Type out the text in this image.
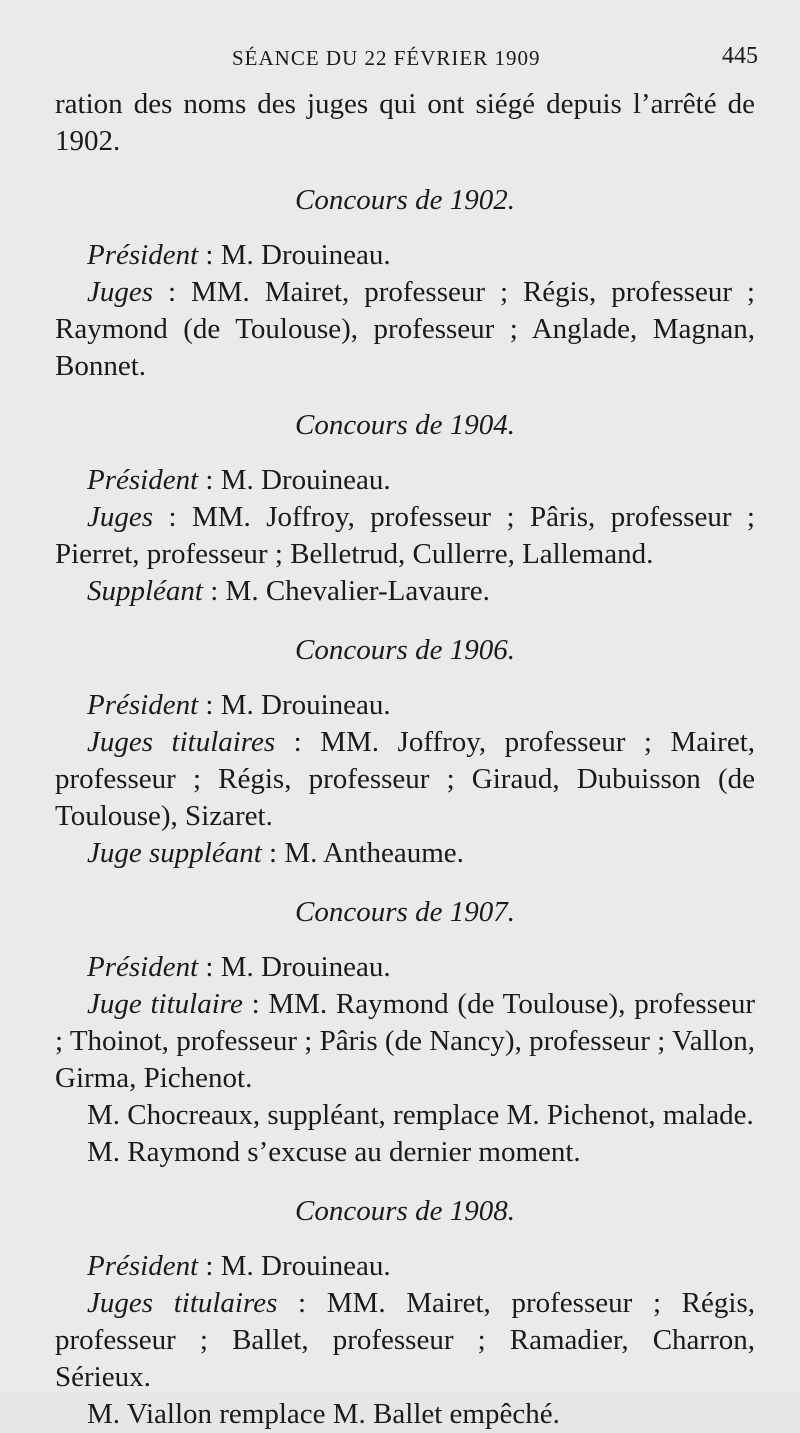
SÉANCE DU 22 FÉVRIER 1909	445

ration des noms des juges qui ont siégé depuis l’arrêté de 1902.

Concours de 1902.

Président : M. Drouineau.

Juges : MM. Mairet, professeur ; Régis, professeur ; Raymond (de Toulouse), professeur ; Anglade, Magnan, Bonnet.

Concours de 1904.

Président : M. Drouineau.

Juges : MM. Joffroy, professeur ; Pâris, professeur ; Pierret, professeur ; Belletrud, Cullerre, Lallemand.

Suppléant : M. Chevalier-Lavaure.

Concours de 1906.

Président : M. Drouineau.

Juges titulaires : MM. Joffroy, professeur ; Mairet, professeur ; Régis, professeur ; Giraud, Dubuisson (de Toulouse), Sizaret.

Juge suppléant : M. Antheaume.

Concours de 1907.

Président : M. Drouineau.

Juge titulaire : MM. Raymond (de Toulouse), professeur ; Thoinot, professeur ; Pâris (de Nancy), professeur ; Vallon, Girma, Pichenot.

M. Chocreaux, suppléant, remplace M. Pichenot, malade.

M. Raymond s’excuse au dernier moment.

Concours de 1908.

Président : M. Drouineau.

Juges titulaires : MM. Mairet, professeur ; Régis, professeur ; Ballet, professeur ; Ramadier, Charron, Sérieux.

M. Viallon remplace M. Ballet empêché.
